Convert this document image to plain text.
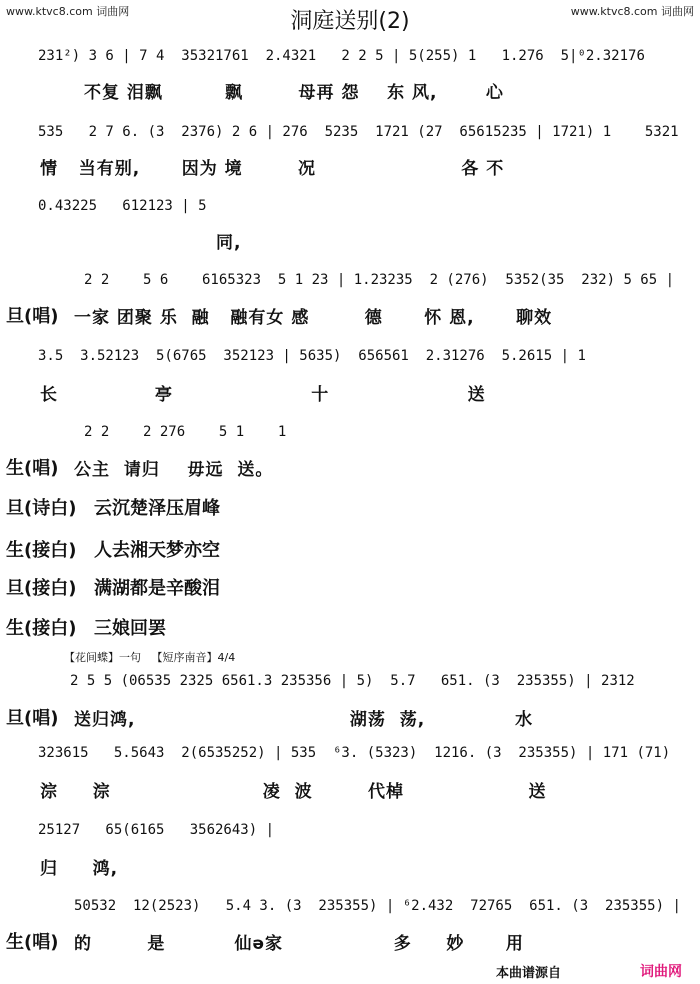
www.ktvc8.com 词曲网	www.ktvc8.com 词曲网
洞庭送别(2)
231²) 3 6 | 7 4  35321761  2.4321   2 2 5 | 5(255) 1   1.276  5|⁰2.32176
不复 泪飘         飘        母再 怨    东 风,       心
535   2 7 6. (3  2376) 2 6 | 276  5235  1721 (27  65615235 | 1721) 1    5321
情   当有别,      因为 境        况                     各 不
0.43225   612123 | 5
同,
2 2    5 6    6165323  5 1 23 | 1.23235  2 (276)  5352(35  232) 5 65 |
旦(唱) 一家 团聚 乐  融   融有女 感        德      怀 恩,      聊效
3.5  3.52123  5(6765  352123 | 5635)  656561  2.31276  5.2615 | 1
长              亭                    十                    送
2 2    2 276    5 1    1
生(唱) 公主  请归    毋远  送。
旦(诗白) 云沉楚泽压眉峰
生(接白) 人去湘天梦亦空
旦(接白) 满湖都是辛酸泪
生(接白) 三娘回罢
【花间蝶】一句   【短序南音】4/4
2 5 5 (06535 2325 6561.3 235356 | 5)  5.7   651. (3  235355) | 2312
旦(唱) 送归鸿,                               湖荡  荡,             水
323615   5.5643  2(6535252) | 535  ⁶3. (5323)  1216. (3  235355) | 171 (71)
淙     淙                      凌  波        代棹                  送
25127   65(6165   3562643) |
归     鸿,
50532  12(2523)   5.4 3. (3  235355) | ⁶2.432  72765  651. (3  235355) |
生(唱) 的        是          仙ə家                多     妙      用
本曲谱源自	词曲网
